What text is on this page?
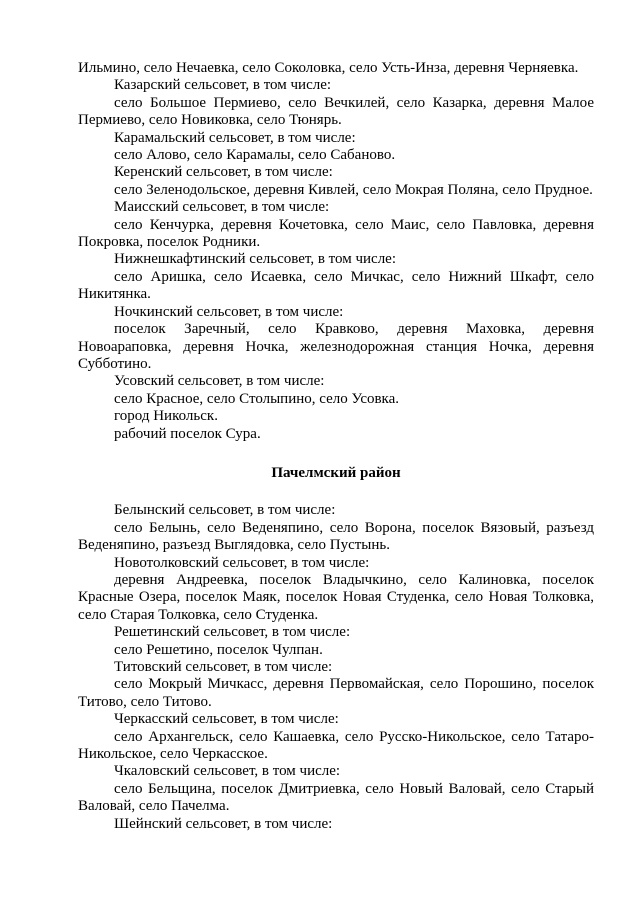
Ильмино, село Нечаевка, село Соколовка, село Усть-Инза, деревня Черняевка.

Казарский сельсовет, в том числе:

село Большое Пермиево, село Вечкилей, село Казарка, деревня Малое Пермиево, село Новиковка, село Тюнярь.

Карамальский сельсовет, в том числе:

село Алово, село Карамалы, село Сабаново.

Керенский сельсовет, в том числе:

село Зеленодольское, деревня Кивлей, село Мокрая Поляна, село Прудное.

Маисский сельсовет, в том числе:

село Кенчурка, деревня Кочетовка, село Маис, село Павловка, деревня Покровка, поселок Родники.

Нижнешкафтинский сельсовет, в том числе:

село Аришка, село Исаевка, село Мичкас, село Нижний Шкафт, село Никитянка.

Ночкинский сельсовет, в том числе:

поселок Заречный, село Кравково, деревня Маховка, деревня Новоараповка, деревня Ночка, железнодорожная станция Ночка, деревня Субботино.

Усовский сельсовет, в том числе:

село Красное, село Столыпино, село Усовка.

город Никольск.

рабочий поселок Сура.

Пачелмский район

Белынский сельсовет, в том числе:

село Белынь, село Веденяпино, село Ворона, поселок Вязовый, разъезд Веденяпино, разъезд Выглядовка, село Пустынь.

Новотолковский сельсовет, в том числе:

деревня Андреевка, поселок Владычкино, село Калиновка, поселок Красные Озера, поселок Маяк, поселок Новая Студенка, село Новая Толковка, село Старая Толковка, село Студенка.

Решетинский сельсовет, в том числе:

село Решетино, поселок Чулпан.

Титовский сельсовет, в том числе:

село Мокрый Мичкасс, деревня Первомайская, село Порошино, поселок Титово, село Титово.

Черкасский сельсовет, в том числе:

село Архангельск, село Кашаевка, село Русско-Никольское, село Татаро-Никольское, село Черкасское.

Чкаловский сельсовет, в том числе:

село Бельщина, поселок Дмитриевка, село Новый Валовай, село Старый Валовай, село Пачелма.

Шейнский сельсовет, в том числе:
